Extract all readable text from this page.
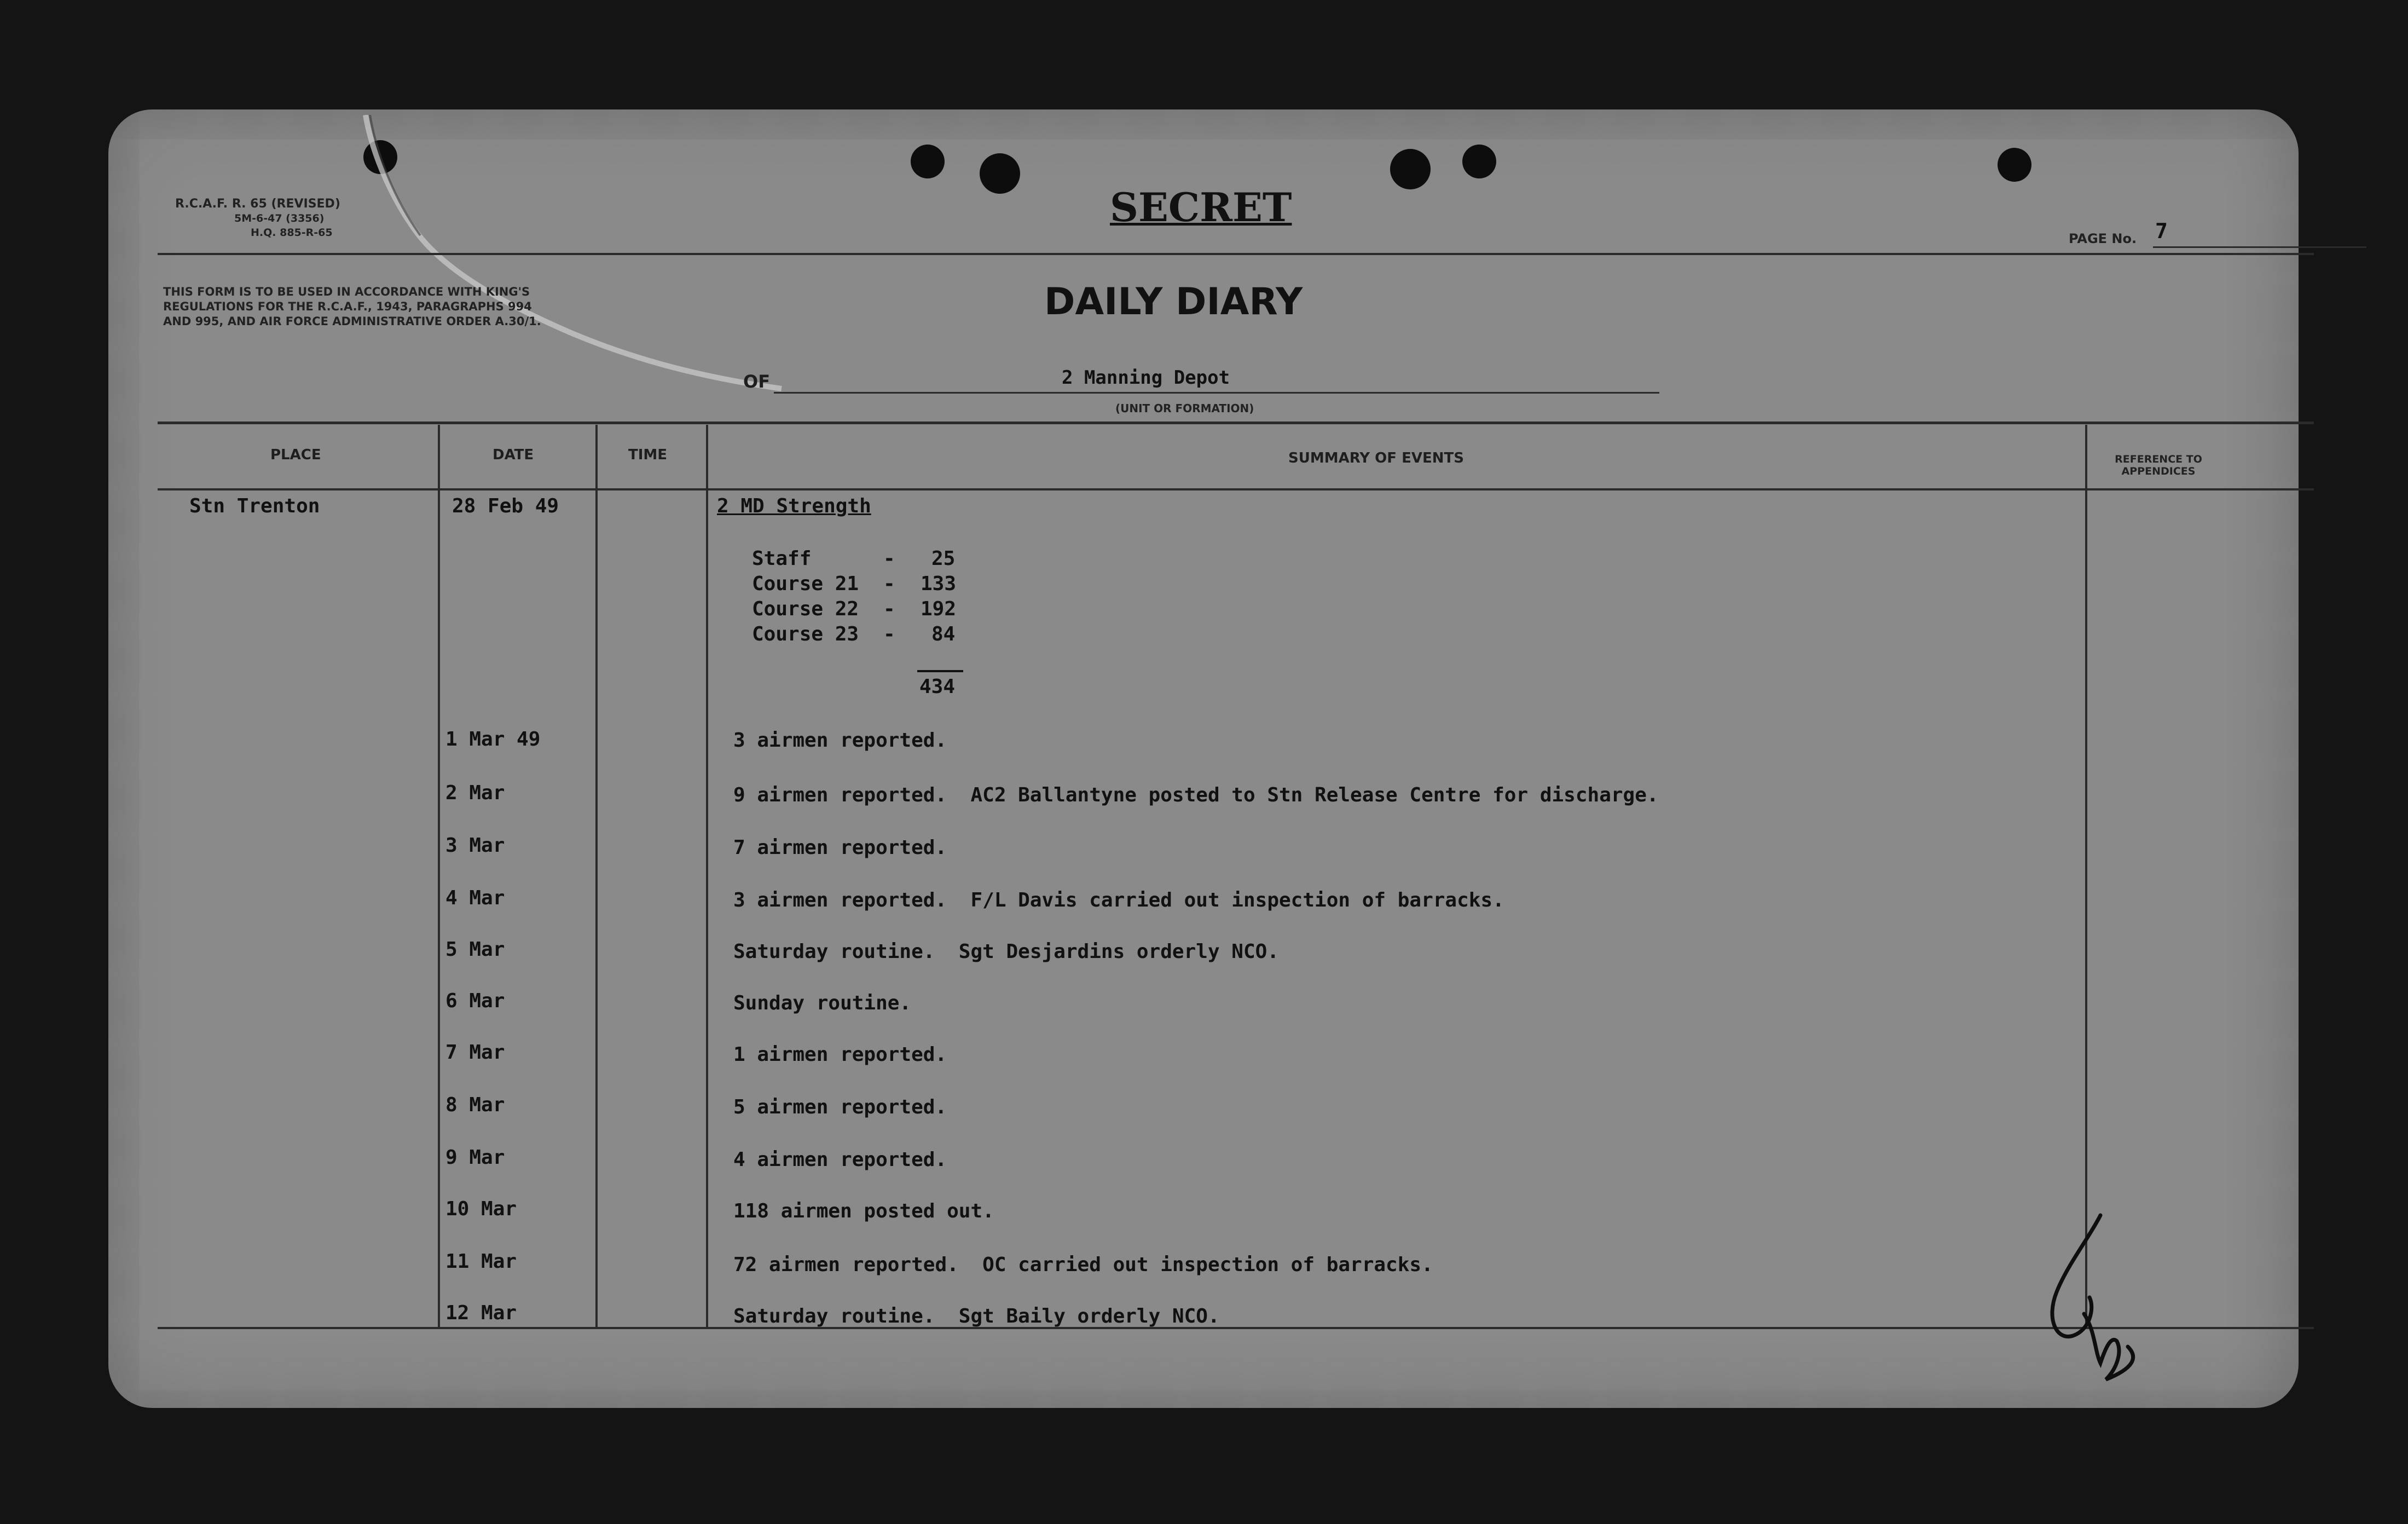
R.C.A.F. R. 65 (REVISED)
5M-6-47 (3356)
H.Q. 885-R-65
SECRET
PAGE No. 7
THIS FORM IS TO BE USED IN ACCORDANCE WITH KING'S REGULATIONS FOR THE R.C.A.F., 1943, PARAGRAPHS 994 AND 995, AND AIR FORCE ADMINISTRATIVE ORDER A.30/1.	DAILY DIARY
OF	2 Manning Depot
(UNIT OR FORMATION)
PLACE	DATE	TIME	SUMMARY OF EVENTS	REFERENCE TO APPENDICES
Stn Trenton	28 Feb 49	2 MD Strength
Staff	- 25
Course 21 - 133
Course 22 - 192
Course 23 - 84
434
1 Mar 49	3 airmen reported.
2 Mar	9 airmen reported.  AC2 Ballantyne posted to Stn Release Centre for discharge.
3 Mar	7 airmen reported.
4 Mar	3 airmen reported.  F/L Davis carried out inspection of barracks.
5 Mar	Saturday routine.  Sgt Desjardins orderly NCO.
6 Mar	Sunday routine.
7 Mar	1 airmen reported.
8 Mar	5 airmen reported.
9 Mar	4 airmen reported.
10 Mar	118 airmen posted out.
11 Mar	72 airmen reported.  OC carried out inspection of barracks.
12 Mar	Saturday routine.  Sgt Baily orderly NCO.
